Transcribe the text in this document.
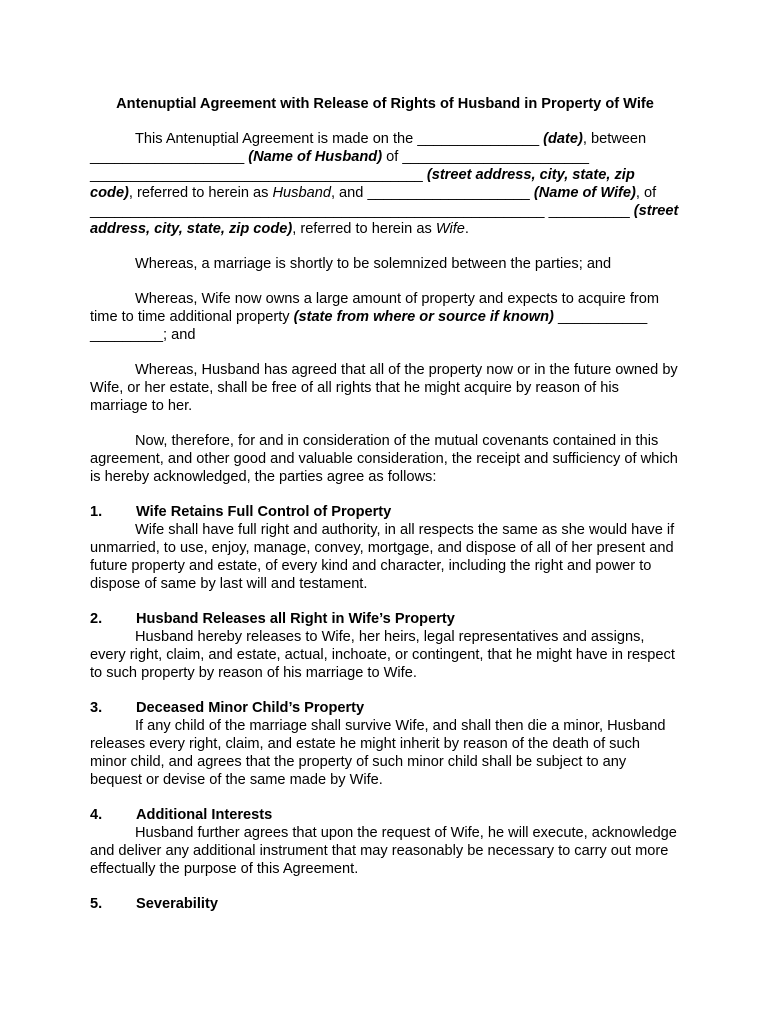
Antenuptial Agreement with Release of Rights of Husband in Property of Wife

This Antenuptial Agreement is made on the _______________ (date), between ___________________ (Name of Husband) of _______________________ _________________________________________ (street address, city, state, zip code), referred to herein as Husband, and ____________________ (Name of Wife), of ________________________________________________________ __________ (street address, city, state, zip code), referred to herein as Wife.

Whereas, a marriage is shortly to be solemnized between the parties; and

Whereas, Wife now owns a large amount of property and expects to acquire from time to time additional property (state from where or source if known) ___________ _________; and

Whereas, Husband has agreed that all of the property now or in the future owned by Wife, or her estate, shall be free of all rights that he might acquire by reason of his marriage to her.

Now, therefore, for and in consideration of the mutual covenants contained in this agreement, and other good and valuable consideration, the receipt and sufficiency of which is hereby acknowledged, the parties agree as follows:

1.	Wife Retains Full Control of Property

Wife shall have full right and authority, in all respects the same as she would have if unmarried, to use, enjoy, manage, convey, mortgage, and dispose of all of her present and future property and estate, of every kind and character, including the right and power to dispose of same by last will and testament.

2.	Husband Releases all Right in Wife’s Property

Husband hereby releases to Wife, her heirs, legal representatives and assigns, every right, claim, and estate, actual, inchoate, or contingent, that he might have in respect to such property by reason of his marriage to Wife.

3.	Deceased Minor Child’s Property

If any child of the marriage shall survive Wife, and shall then die a minor, Husband releases every right, claim, and estate he might inherit by reason of the death of such minor child, and agrees that the property of such minor child shall be subject to any bequest or devise of the same made by Wife.

4.	Additional Interests

Husband further agrees that upon the request of Wife, he will execute, acknowledge and deliver any additional instrument that may reasonably be necessary to carry out more effectually the purpose of this Agreement.

5.	Severability
